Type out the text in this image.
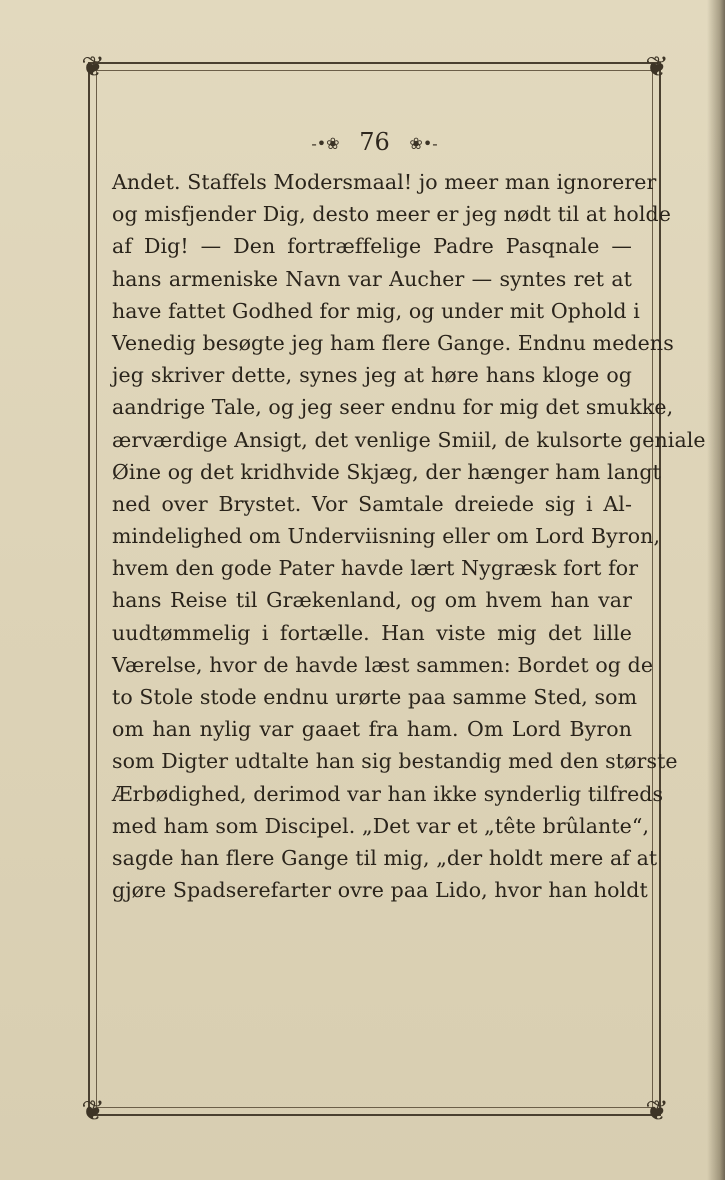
❦	❦
❦	❦
-•❀ 76 ❀•-
Andet. Staffels Modersmaal! jo meer man ignorerer
og misfjender Dig, desto meer er jeg nødt til at holde
af Dig! — Den fortræffelige Padre Pasqnale —
hans armeniske Navn var Aucher — syntes ret at
have fattet Godhed for mig, og under mit Ophold i
Venedig besøgte jeg ham flere Gange. Endnu medens
jeg skriver dette, synes jeg at høre hans kloge og
aandrige Tale, og jeg seer endnu for mig det smukke,
ærværdige Ansigt, det venlige Smiil, de kulsorte geniale
Øine og det kridhvide Skjæg, der hænger ham langt
ned over Brystet. Vor Samtale dreiede sig i Al-
mindelighed om Underviisning eller om Lord Byron,
hvem den gode Pater havde lært Nygræsk fort for
hans Reise til Grækenland, og om hvem han var
uudtømmelig i fortælle. Han viste mig det lille
Værelse, hvor de havde læst sammen: Bordet og de
to Stole stode endnu urørte paa samme Sted, som
om han nylig var gaaet fra ham. Om Lord Byron
som Digter udtalte han sig bestandig med den største
Ærbødighed, derimod var han ikke synderlig tilfreds
med ham som Discipel. „Det var et „tête brûlante“,
sagde han flere Gange til mig, „der holdt mere af at
gjøre Spadserefarter ovre paa Lido, hvor han holdt
